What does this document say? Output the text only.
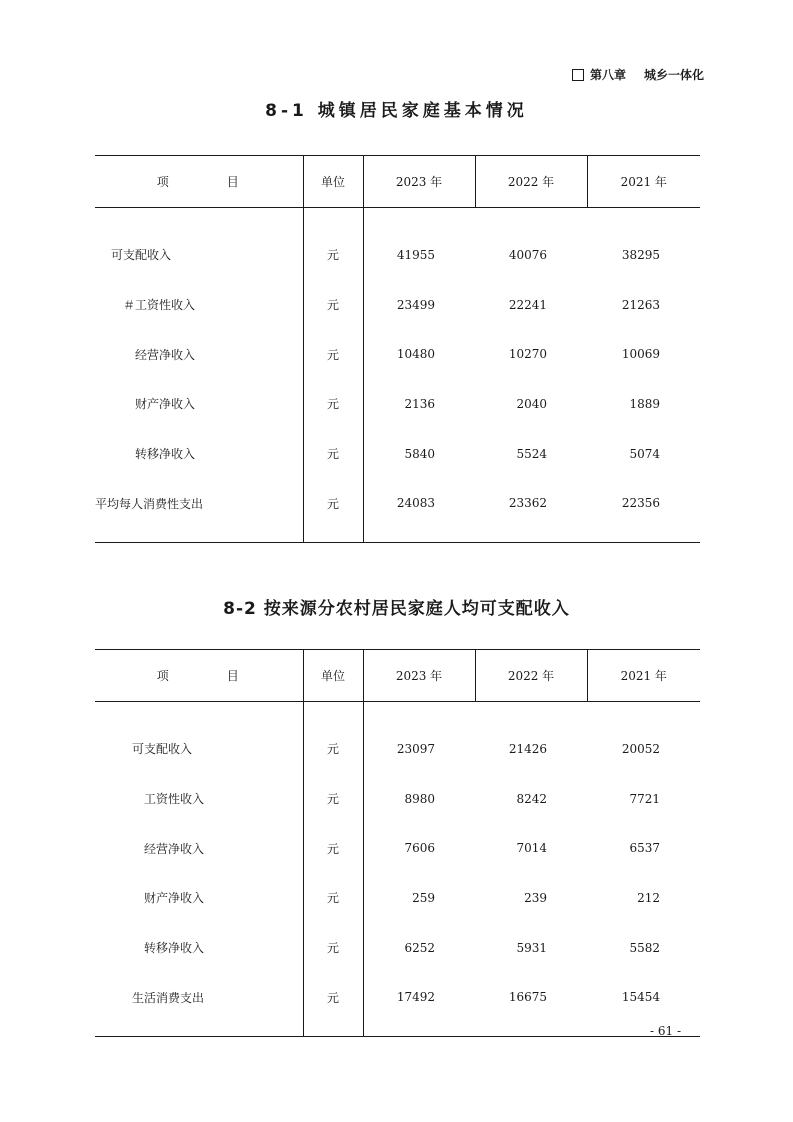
第八章 城乡一体化
8-1 城镇居民家庭基本情况
项 目	单位	2023 年	2022 年	2021 年
可支配收入	元	41955	40076	38295
＃工资性收入	元	23499	22241	21263
经营净收入	元	10480	10270	10069
财产净收入	元	2136	2040	1889
转移净收入	元	5840	5524	5074
平均每人消费性支出	元	24083	23362	22356
8-2 按来源分农村居民家庭人均可支配收入
项 目	单位	2023 年	2022 年	2021 年
可支配收入	元	23097	21426	20052
工资性收入	元	8980	8242	7721
经营净收入	元	7606	7014	6537
财产净收入	元	259	239	212
转移净收入	元	6252	5931	5582
生活消费支出	元	17492	16675	15454
- 61 -
